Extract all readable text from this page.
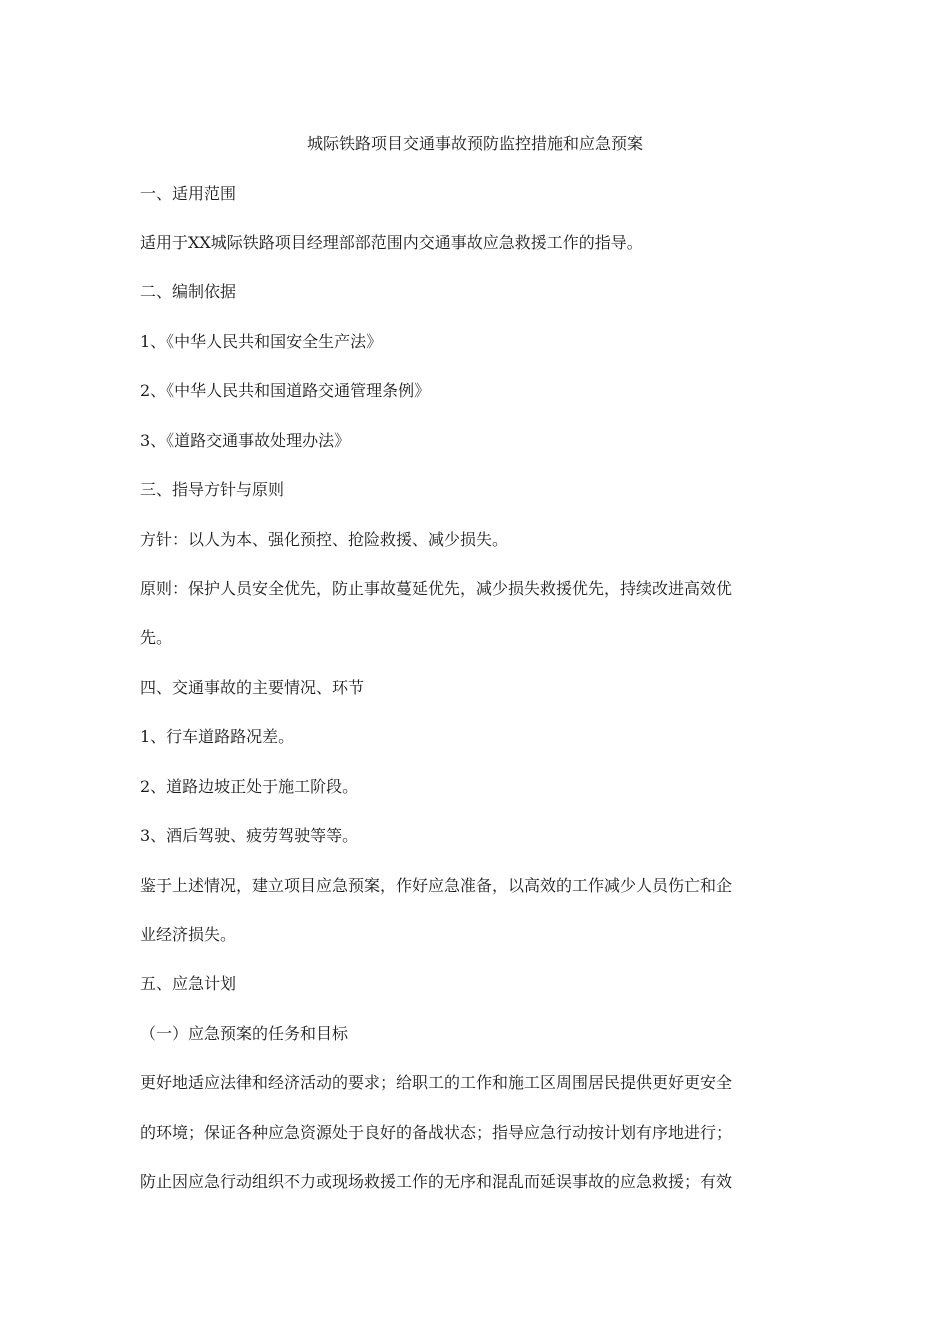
城际铁路项目交通事故预防监控措施和应急预案
一、适用范围
适用于XX城际铁路项目经理部部范围内交通事故应急救援工作的指导。
二、编制依据
1、《中华人民共和国安全生产法》
2、《中华人民共和国道路交通管理条例》
3、《道路交通事故处理办法》
三、指导方针与原则
方针：以人为本、强化预控、抢险救援、减少损失。
原则：保护人员安全优先，防止事故蔓延优先，减少损失救援优先，持续改进高效优
先。
四、交通事故的主要情况、环节
1、行车道路路况差。
2、道路边坡正处于施工阶段。
3、酒后驾驶、疲劳驾驶等等。
鉴于上述情况，建立项目应急预案，作好应急准备，以高效的工作减少人员伤亡和企
业经济损失。
五、应急计划
（一）应急预案的任务和目标
更好地适应法律和经济活动的要求；给职工的工作和施工区周围居民提供更好更安全
的环境；保证各种应急资源处于良好的备战状态；指导应急行动按计划有序地进行；
防止因应急行动组织不力或现场救援工作的无序和混乱而延误事故的应急救援；有效
